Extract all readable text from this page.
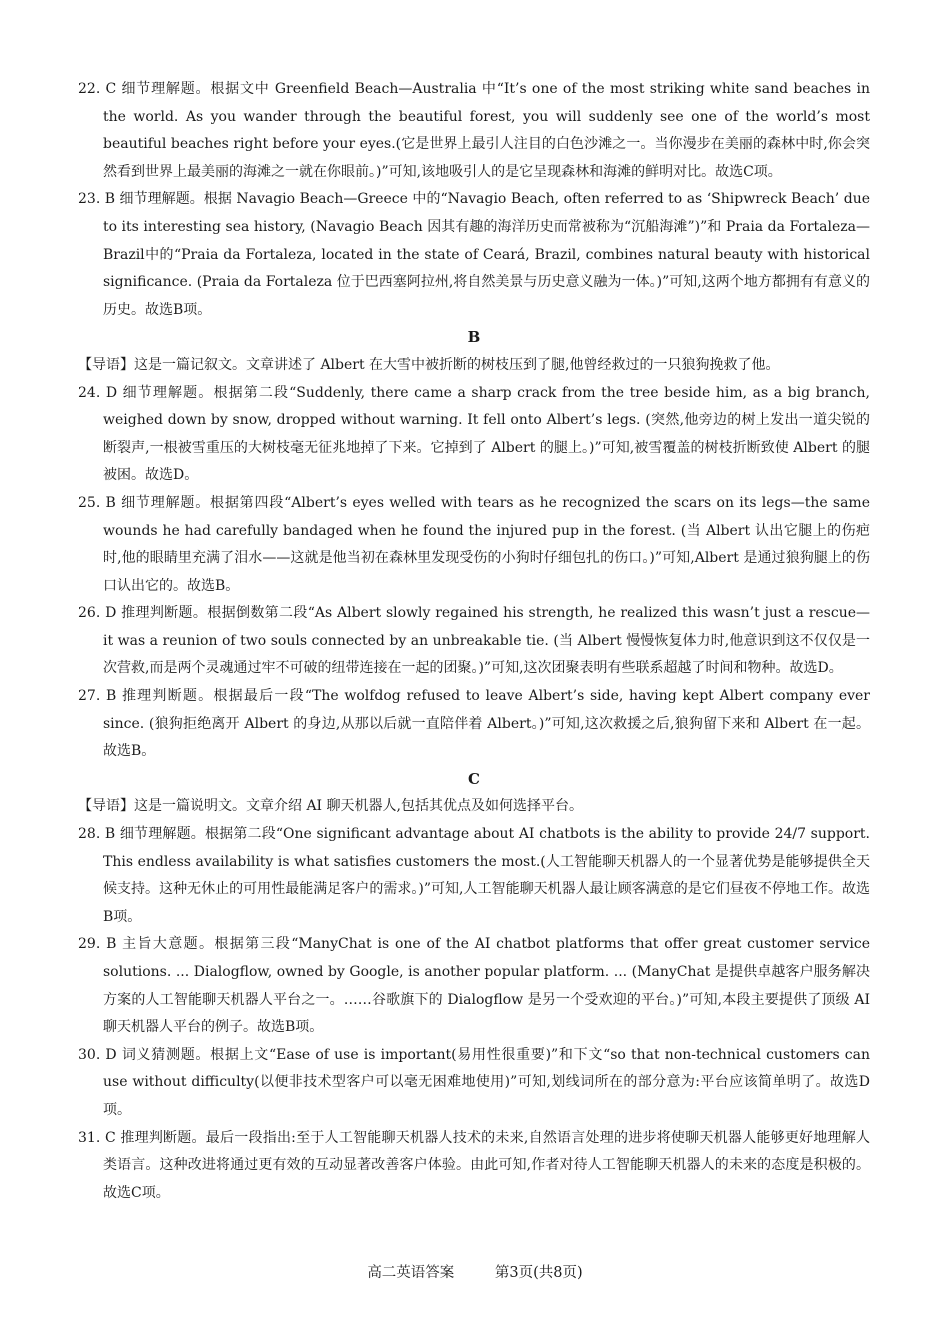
22. C 细节理解题。根据文中 Greenfield Beach—Australia 中“It’s one of the most striking white sand beaches in the world. As you wander through the beautiful forest, you will suddenly see one of the world’s most beautiful beaches right before your eyes.(它是世界上最引人注目的白色沙滩之一。当你漫步在美丽的森林中时,你会突然看到世界上最美丽的海滩之一就在你眼前。)”可知,该地吸引人的是它呈现森林和海滩的鲜明对比。故选C项。

23. B 细节理解题。根据 Navagio Beach—Greece 中的“Navagio Beach, often referred to as ‘Shipwreck Beach’ due to its interesting sea history, (Navagio Beach 因其有趣的海洋历史而常被称为“沉船海滩”)”和 Praia da Fortaleza—Brazil中的“Praia da Fortaleza, located in the state of Ceará, Brazil, combines natural beauty with historical significance. (Praia da Fortaleza 位于巴西塞阿拉州,将自然美景与历史意义融为一体。)”可知,这两个地方都拥有有意义的历史。故选B项。

B

【导语】这是一篇记叙文。文章讲述了 Albert 在大雪中被折断的树枝压到了腿,他曾经救过的一只狼狗挽救了他。

24. D 细节理解题。根据第二段“Suddenly, there came a sharp crack from the tree beside him, as a big branch, weighed down by snow, dropped without warning. It fell onto Albert’s legs. (突然,他旁边的树上发出一道尖锐的断裂声,一根被雪重压的大树枝毫无征兆地掉了下来。它掉到了 Albert 的腿上。)”可知,被雪覆盖的树枝折断致使 Albert 的腿被困。故选D。

25. B 细节理解题。根据第四段“Albert’s eyes welled with tears as he recognized the scars on its legs—the same wounds he had carefully bandaged when he found the injured pup in the forest. (当 Albert 认出它腿上的伤疤时,他的眼睛里充满了泪水——这就是他当初在森林里发现受伤的小狗时仔细包扎的伤口。)”可知,Albert 是通过狼狗腿上的伤口认出它的。故选B。

26. D 推理判断题。根据倒数第二段“As Albert slowly regained his strength, he realized this wasn’t just a rescue—it was a reunion of two souls connected by an unbreakable tie. (当 Albert 慢慢恢复体力时,他意识到这不仅仅是一次营救,而是两个灵魂通过牢不可破的纽带连接在一起的团聚。)”可知,这次团聚表明有些联系超越了时间和物种。故选D。

27. B 推理判断题。根据最后一段“The wolfdog refused to leave Albert’s side, having kept Albert company ever since. (狼狗拒绝离开 Albert 的身边,从那以后就一直陪伴着 Albert。)”可知,这次救援之后,狼狗留下来和 Albert 在一起。故选B。

C

【导语】这是一篇说明文。文章介绍 AI 聊天机器人,包括其优点及如何选择平台。

28. B 细节理解题。根据第二段“One significant advantage about AI chatbots is the ability to provide 24/7 support. This endless availability is what satisfies customers the most.(人工智能聊天机器人的一个显著优势是能够提供全天候支持。这种无休止的可用性最能满足客户的需求。)”可知,人工智能聊天机器人最让顾客满意的是它们昼夜不停地工作。故选B项。

29. B 主旨大意题。根据第三段“ManyChat is one of the AI chatbot platforms that offer great customer service solutions. ... Dialogflow, owned by Google, is another popular platform. ... (ManyChat 是提供卓越客户服务解决方案的人工智能聊天机器人平台之一。……谷歌旗下的 Dialogflow 是另一个受欢迎的平台。)”可知,本段主要提供了顶级 AI 聊天机器人平台的例子。故选B项。

30. D 词义猜测题。根据上文“Ease of use is important(易用性很重要)”和下文“so that non-technical customers can use without difficulty(以便非技术型客户可以毫无困难地使用)”可知,划线词所在的部分意为:平台应该简单明了。故选D项。

31. C 推理判断题。最后一段指出:至于人工智能聊天机器人技术的未来,自然语言处理的进步将使聊天机器人能够更好地理解人类语言。这种改进将通过更有效的互动显著改善客户体验。由此可知,作者对待人工智能聊天机器人的未来的态度是积极的。故选C项。

高二英语答案	第3页(共8页)
